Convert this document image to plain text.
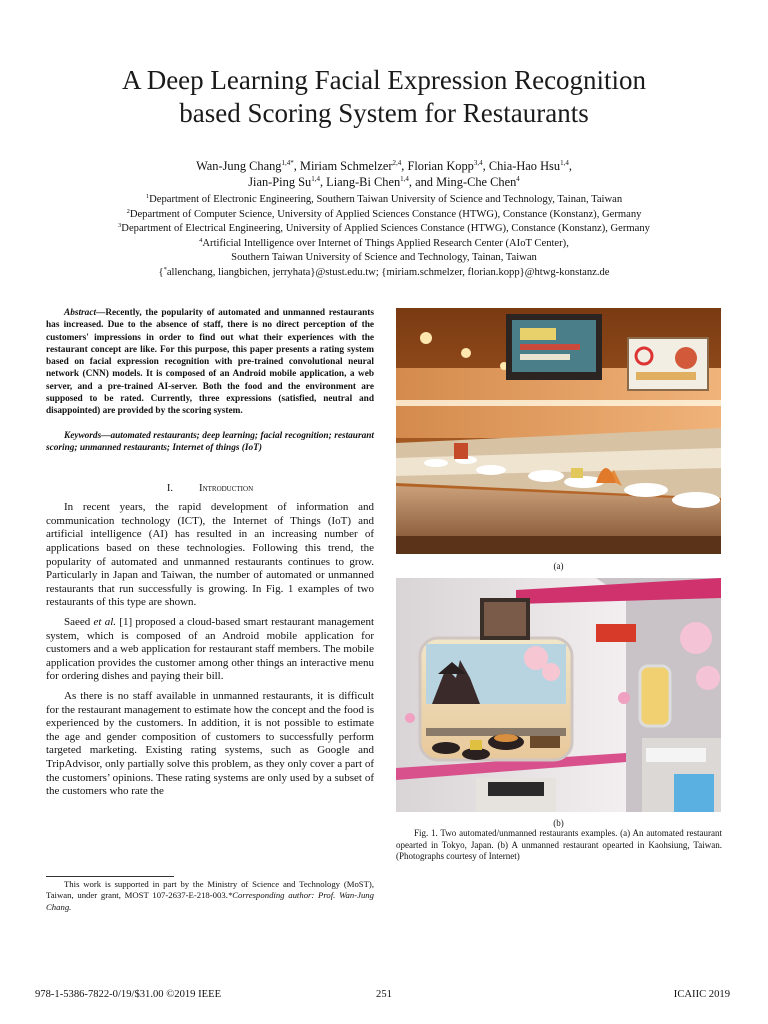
A Deep Learning Facial Expression Recognition
based Scoring System for Restaurants
Wan-Jung Chang$^{1,4*}$, Miriam Schmelzer$^{2,4}$, Florian Kopp$^{3,4}$, Chia-Hao Hsu$^{1,4}$,
Jian-Ping Su$^{1,4}$, Liang-Bi Chen$^{1,4}$, and Ming-Che Chen$^4$
$^1$Department of Electronic Engineering, Southern Taiwan University of Science and Technology, Tainan, Taiwan
$^2$Department of Computer Science, University of Applied Sciences Constance (HTWG), Constance (Konstanz), Germany
$^3$Department of Electrical Engineering, University of Applied Sciences Constance (HTWG), Constance (Konstanz), Germany
$^4$Artificial Intelligence over Internet of Things Applied Research Center (AIoT Center),
Southern Taiwan University of Science and Technology, Tainan, Taiwan
{*allenchang, liangbichen, jerryhata}@stust.edu.tw; {miriam.schmelzer, florian.kopp}@htwg-konstanz.de

Abstract—Recently, the popularity of automated and unmanned restaurants has increased. Due to the absence of staff, there is no direct perception of the customers' impressions in order to find out what their experiences with the restaurant concept are like. For this purpose, this paper presents a rating system based on facial expression recognition with pre-trained convolutional neural network (CNN) models. It is composed of an Android mobile application, a web server, and a pre-trained AI-server. Both the food and the environment are supposed to be rated. Currently, three expressions (satisfied, neutral and disappointed) are provided by the scoring system.

Keywords—automated restaurants; deep learning; facial recognition; restaurant scoring; unmanned restaurants; Internet of things (IoT)

I. Introduction

In recent years, the rapid development of information and communication technology (ICT), the Internet of Things (IoT) and artificial intelligence (AI) has resulted in an increasing number of applications based on these technologies. Following this trend, the popularity of automated and unmanned restaurants continues to grow. Particularly in Japan and Taiwan, the number of automated or unmanned restaurants that run successfully is growing. In Fig. 1 examples of two restaurants of this type are shown.

Saeed et al. [1] proposed a cloud-based smart restaurant management system, which is composed of an Android mobile application for customers and a web application for restaurant staff members. The mobile application provides the customer among other things an interactive menu for ordering dishes and paying their bill.

As there is no staff available in unmanned restaurants, it is difficult for the restaurant management to estimate how the concept and the food is experienced by the customers. In addition, it is not possible to estimate the age and gender composition of customers to successfully perform targeted marketing. Existing rating systems, such as Google and TripAdvisor, only partially solve this problem, as they only cover a part of the customers’ opinions. These rating systems are only used by a subset of the customers who rate the

This work is supported in part by the Ministry of Science and Technology (MoST), Taiwan, under grant, MOST 107-2637-E-218-003.*Corresponding author: Prof. Wan-Jung Chang.
(a)
(b)
Fig. 1. Two automated/unmanned restaurants examples. (a) An automated restaurant opearted in Tokyo, Japan. (b) A unmanned restaurant opearted in Kaohsiung, Taiwan. (Photographs courtesy of Internet)
978-1-5386-7822-0/19/$31.00 ©2019 IEEE	251	ICAIIC 2019
